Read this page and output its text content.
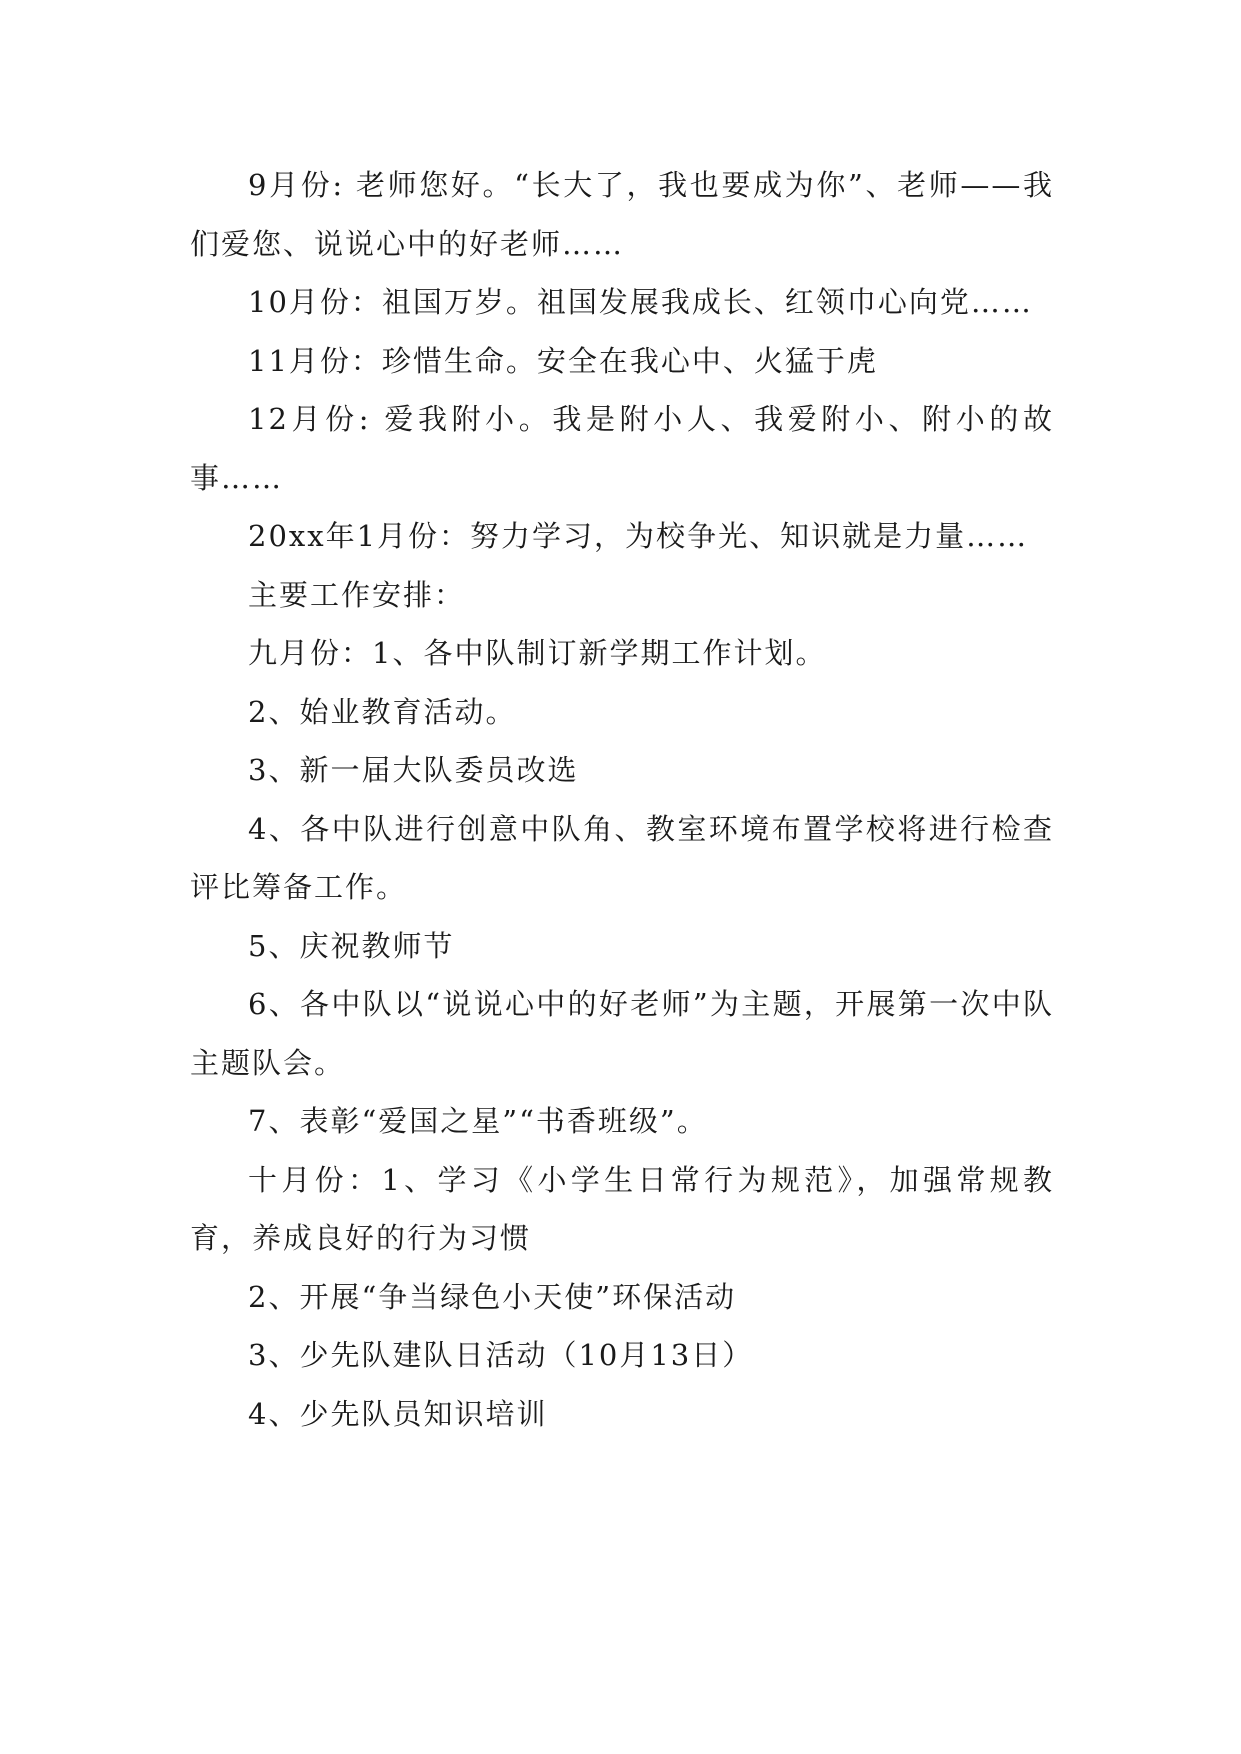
9月份: 老师您好。“长大了，我也要成为你”、老师——我们爱您、说说心中的好老师……

10月份：祖国万岁。祖国发展我成长、红领巾心向党……

11月份：珍惜生命。安全在我心中、火猛于虎

12月份: 爱我附小。我是附小人、我爱附小、附小的故事……

20xx年1月份：努力学习，为校争光、知识就是力量……

主要工作安排：

九月份：1、各中队制订新学期工作计划。

2、始业教育活动。

3、新一届大队委员改选

4、各中队进行创意中队角、教室环境布置学校将进行检查评比筹备工作。

5、庆祝教师节

6、各中队以“说说心中的好老师”为主题，开展第一次中队主题队会。

7、表彰“爱国之星”“书香班级”。

十月份：1、学习《小学生日常行为规范》，加强常规教育，养成良好的行为习惯

2、开展“争当绿色小天使”环保活动

3、少先队建队日活动（10月13日）

4、少先队员知识培训
